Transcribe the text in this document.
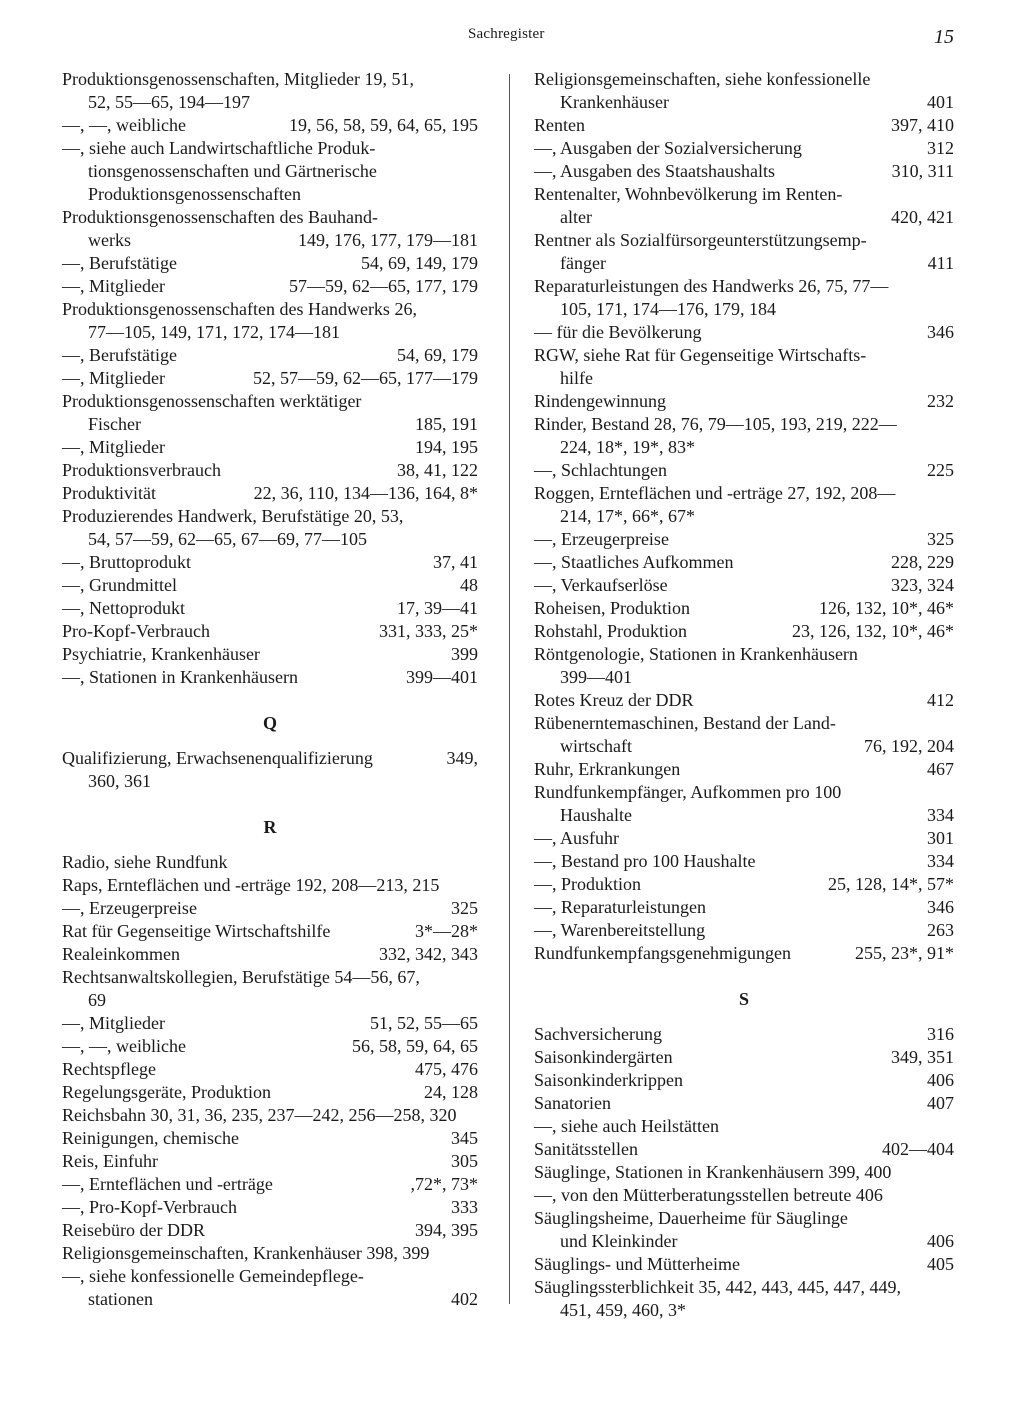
Sachregister	15
Produktionsgenossenschaften, Mitglieder 19, 51,
52, 55—65, 194—197
—, —, weibliche	19, 56, 58, 59, 64, 65, 195
—, siehe auch Landwirtschaftliche Produk-
tionsgenossenschaften und Gärtnerische
Produktionsgenossenschaften
Produktionsgenossenschaften des Bauhand-
werks	149, 176, 177, 179—181
—, Berufstätige	54, 69, 149, 179
—, Mitglieder	57—59, 62—65, 177, 179
Produktionsgenossenschaften des Handwerks 26,
77—105, 149, 171, 172, 174—181
—, Berufstätige	54, 69, 179
—, Mitglieder	52, 57—59, 62—65, 177—179
Produktionsgenossenschaften werktätiger
Fischer	185, 191
—, Mitglieder	194, 195
Produktionsverbrauch	38, 41, 122
Produktivität	22, 36, 110, 134—136, 164, 8*
Produzierendes Handwerk, Berufstätige 20, 53,
54, 57—59, 62—65, 67—69, 77—105
—, Bruttoprodukt	37, 41
—, Grundmittel	48
—, Nettoprodukt	17, 39—41
Pro-Kopf-Verbrauch	331, 333, 25*
Psychiatrie, Krankenhäuser	399
—, Stationen in Krankenhäusern	399—401
Q
Qualifizierung, Erwachsenenqualifizierung	349,
360, 361
R
Radio, siehe Rundfunk
Raps, Ernteflächen und -erträge 192, 208—213, 215
—, Erzeugerpreise	325
Rat für Gegenseitige Wirtschaftshilfe	3*—28*
Realeinkommen	332, 342, 343
Rechtsanwaltskollegien, Berufstätige 54—56, 67,
69
—, Mitglieder	51, 52, 55—65
—, —, weibliche	56, 58, 59, 64, 65
Rechtspflege	475, 476
Regelungsgeräte, Produktion	24, 128
Reichsbahn 30, 31, 36, 235, 237—242, 256—258, 320
Reinigungen, chemische	345
Reis, Einfuhr	305
—, Ernteflächen und -erträge	,72*, 73*
—, Pro-Kopf-Verbrauch	333
Reisebüro der DDR	394, 395
Religionsgemeinschaften, Krankenhäuser 398, 399
—, siehe konfessionelle Gemeindepflege-
stationen	402
Religionsgemeinschaften, siehe konfessionelle
Krankenhäuser	401
Renten	397, 410
—, Ausgaben der Sozialversicherung	312
—, Ausgaben des Staatshaushalts	310, 311
Rentenalter, Wohnbevölkerung im Renten-
alter	420, 421
Rentner als Sozialfürsorgeunterstützungsemp-
fänger	411
Reparaturleistungen des Handwerks 26, 75, 77—
105, 171, 174—176, 179, 184
— für die Bevölkerung	346
RGW, siehe Rat für Gegenseitige Wirtschafts-
hilfe
Rindengewinnung	232
Rinder, Bestand 28, 76, 79—105, 193, 219, 222—
224, 18*, 19*, 83*
—, Schlachtungen	225
Roggen, Ernteflächen und -erträge 27, 192, 208—
214, 17*, 66*, 67*
—, Erzeugerpreise	325
—, Staatliches Aufkommen	228, 229
—, Verkaufserlöse	323, 324
Roheisen, Produktion	126, 132, 10*, 46*
Rohstahl, Produktion	23, 126, 132, 10*, 46*
Röntgenologie, Stationen in Krankenhäusern
399—401
Rotes Kreuz der DDR	412
Rübenerntemaschinen, Bestand der Land-
wirtschaft	76, 192, 204
Ruhr, Erkrankungen	467
Rundfunkempfänger, Aufkommen pro 100
Haushalte	334
—, Ausfuhr	301
—, Bestand pro 100 Haushalte	334
—, Produktion	25, 128, 14*, 57*
—, Reparaturleistungen	346
—, Warenbereitstellung	263
Rundfunkempfangsgenehmigungen	255, 23*, 91*
S
Sachversicherung	316
Saisonkindergärten	349, 351
Saisonkinderkrippen	406
Sanatorien	407
—, siehe auch Heilstätten
Sanitätsstellen	402—404
Säuglinge, Stationen in Krankenhäusern 399, 400
—, von den Mütterberatungsstellen betreute 406
Säuglingsheime, Dauerheime für Säuglinge
und Kleinkinder	406
Säuglings- und Mütterheime	405
Säuglingssterblichkeit 35, 442, 443, 445, 447, 449,
451, 459, 460, 3*
